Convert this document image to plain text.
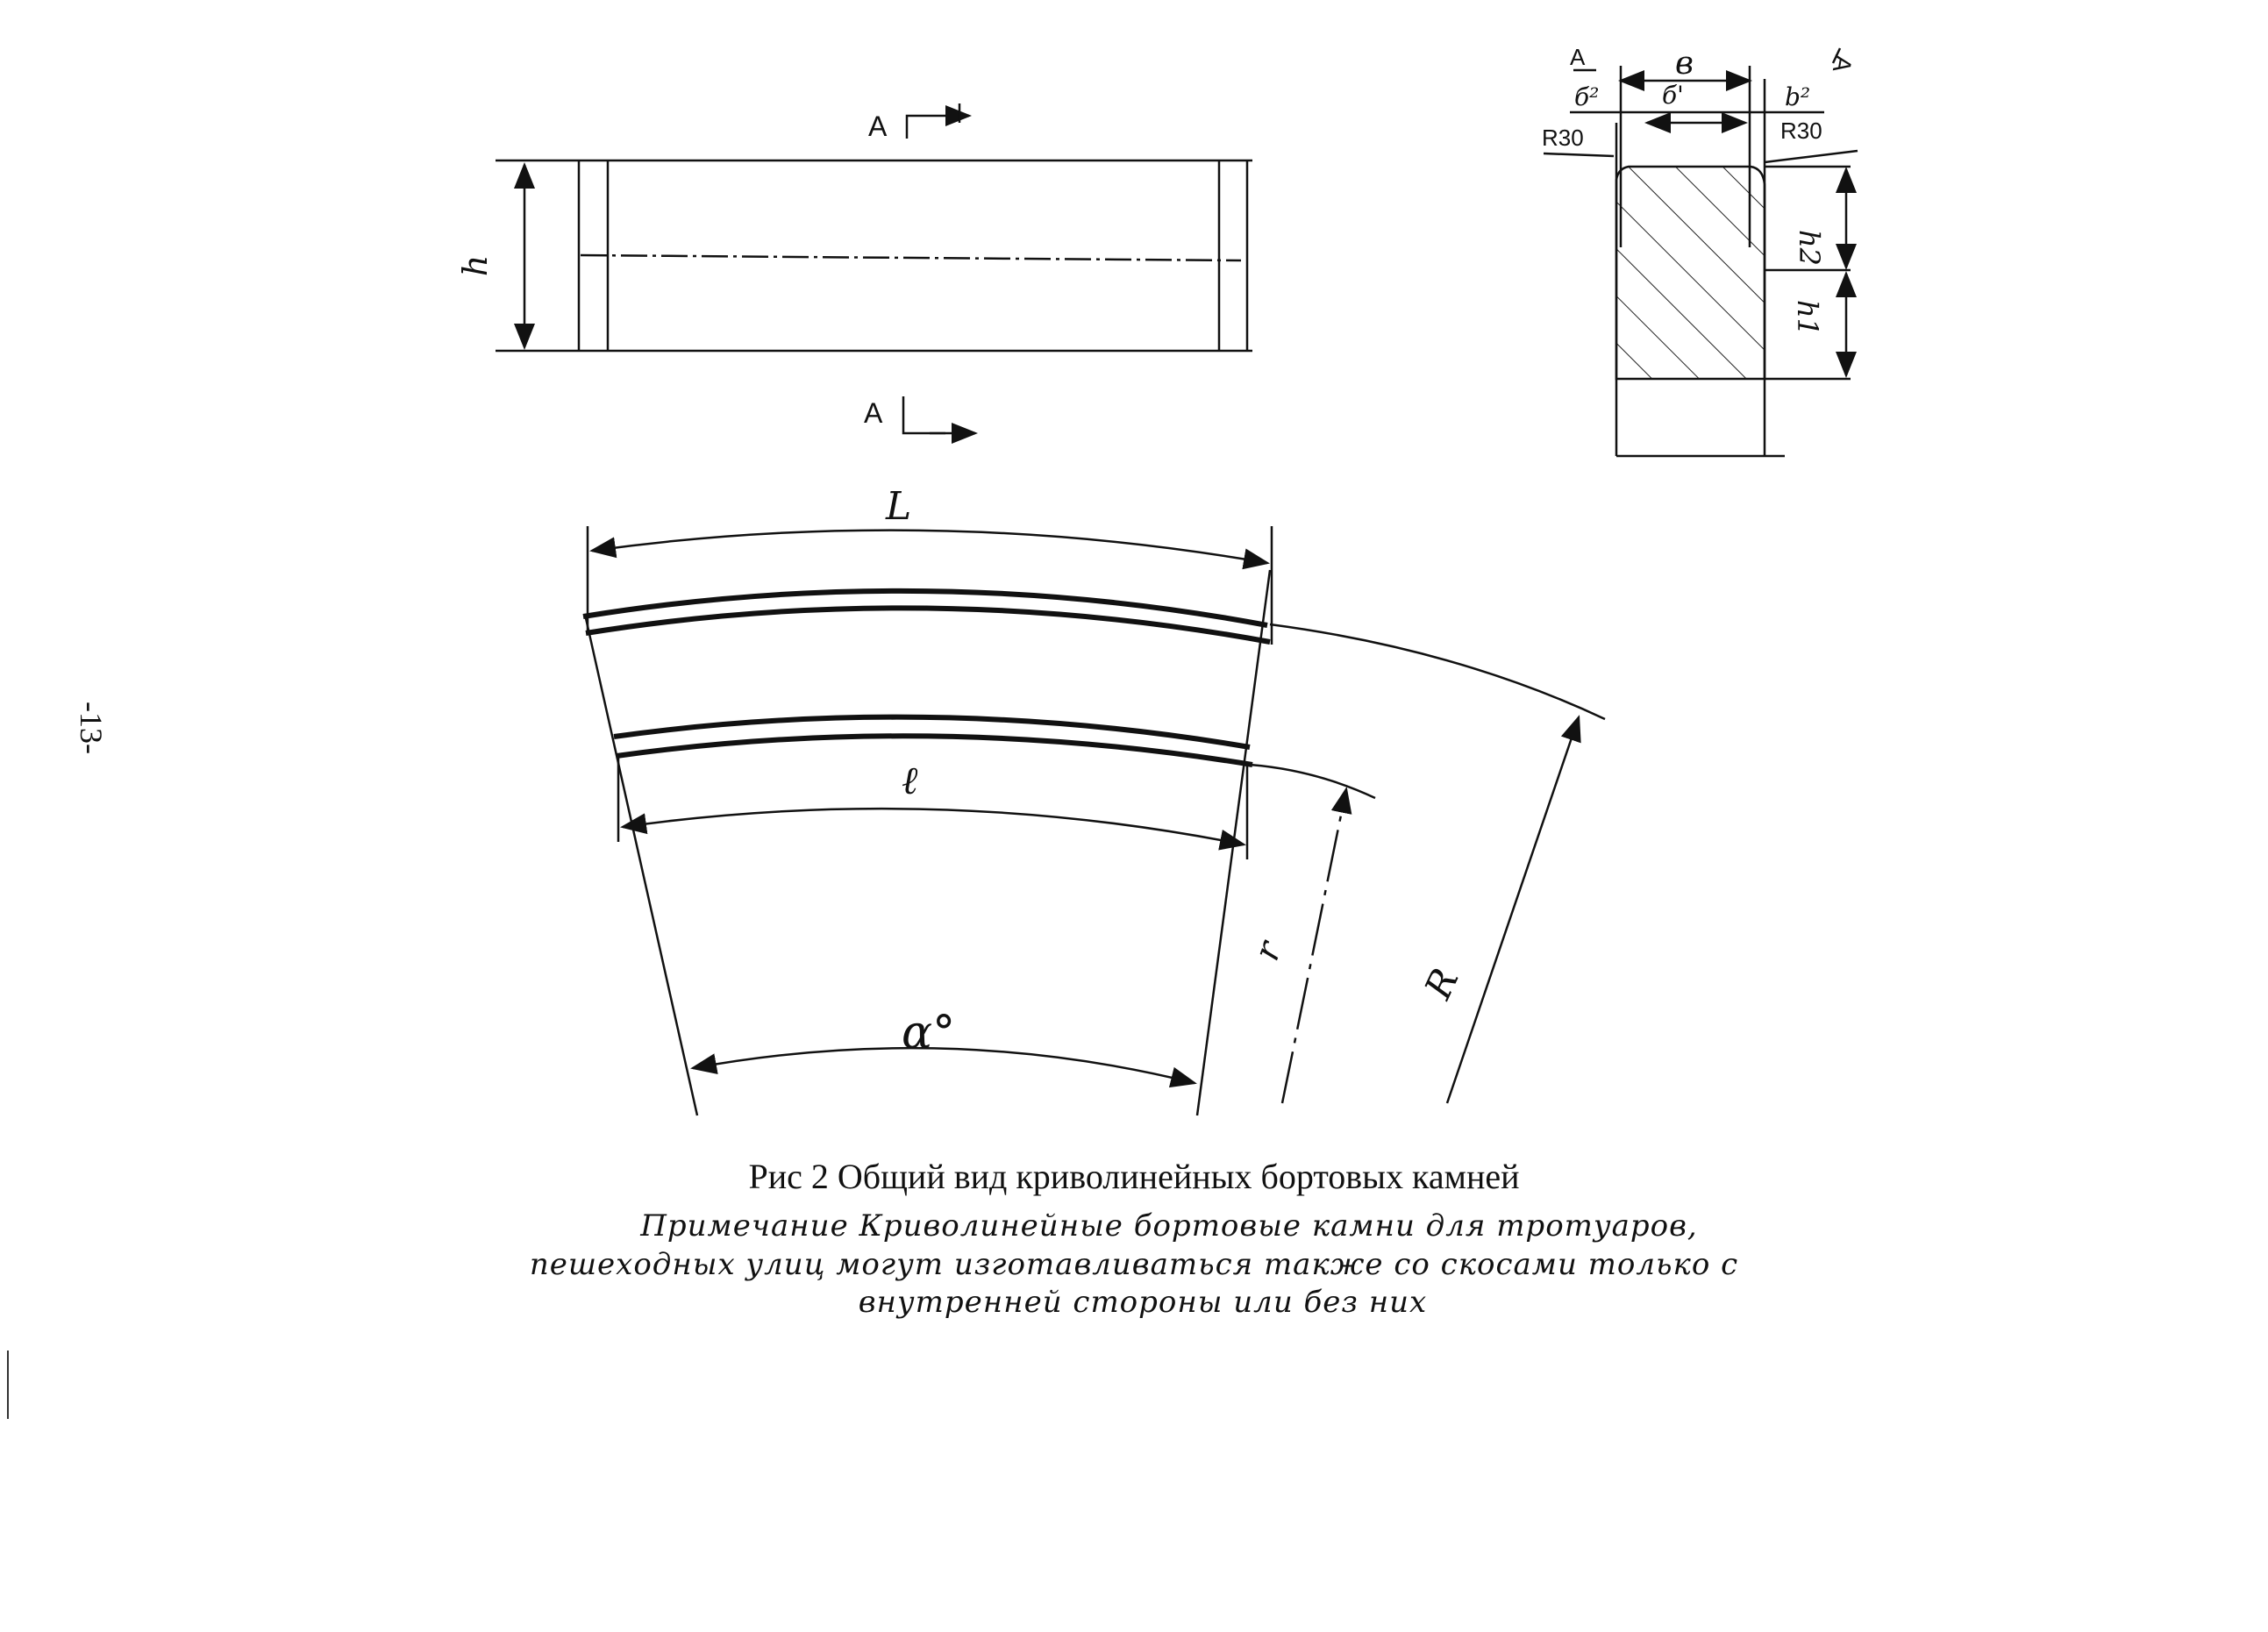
h
A
A
A	A
в
б²	б'	b²
R30	R30
h2
h1
L
ℓ
𝛼°
r
R
-13-
Рис 2 Общий вид криволинейных бортовых камней
Примечание Криволинейные бортовые камни для тротуаров,
пешеходных улиц могут изготавливаться также со скосами только с
внутренней стороны или без них
